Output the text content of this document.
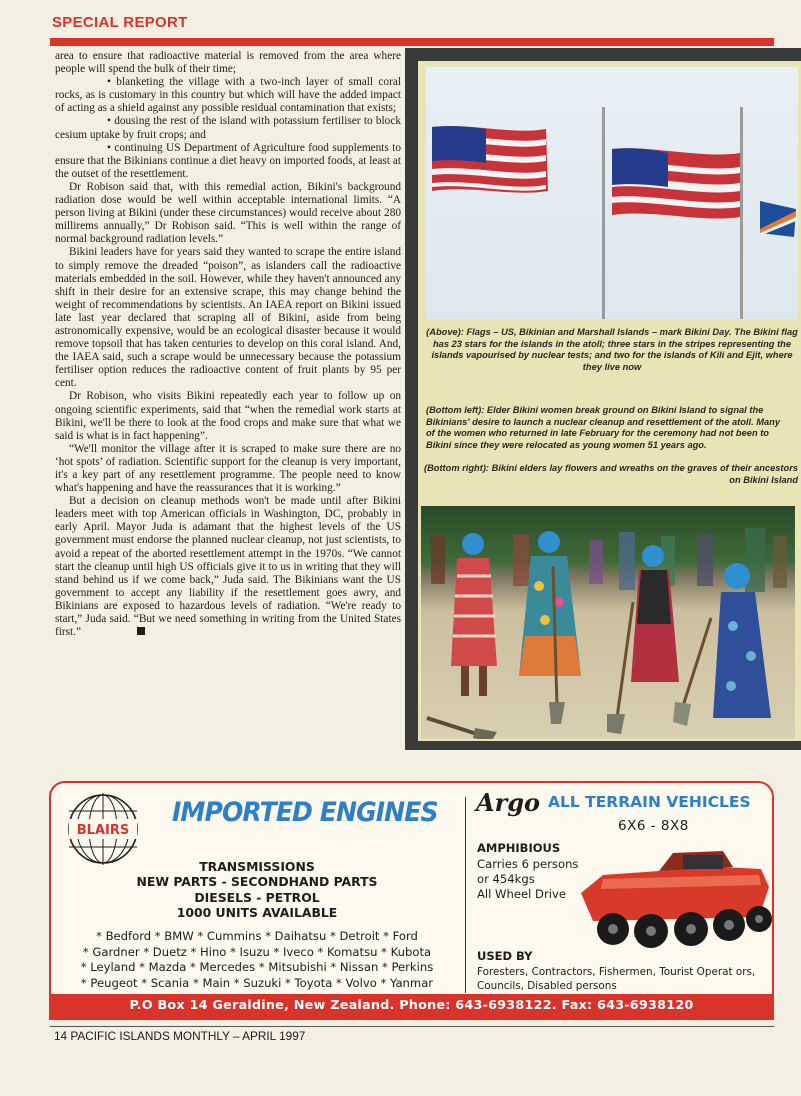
SPECIAL REPORT

area to ensure that radioactive material is removed from the area where people will spend the bulk of their time;

• blanketing the village with a two-inch layer of small coral rocks, as is customary in this country but which will have the added impact of acting as a shield against any possible residual contamination that exists;

• dousing the rest of the island with potassium fertiliser to block cesium uptake by fruit crops; and

• continuing US Department of Agriculture food supplements to ensure that the Bikinians continue a diet heavy on imported foods, at least at the outset of the resettlement.

Dr Robison said that, with this remedial action, Bikini's background radiation dose would be well within acceptable international limits. “A person living at Bikini (under these circumstances) would receive about 280 millirems annually,” Dr Robison said. “This is well within the range of normal background radiation levels.”

Bikini leaders have for years said they wanted to scrape the entire island to simply remove the dreaded “poison”, as islanders call the radioactive materials embedded in the soil. However, while they haven't announced any shift in their desire for an extensive scrape, this may change behind the weight of recommendations by scientists. An IAEA report on Bikini issued late last year declared that scraping all of Bikini, aside from being astronomically expensive, would be an ecological disaster because it would remove topsoil that has taken centuries to develop on this coral island. And, the IAEA said, such a scrape would be unnecessary because the potassium fertiliser option reduces the radioactive content of fruit plants by 95 per cent.

Dr Robison, who visits Bikini repeatedly each year to follow up on ongoing scientific experiments, said that “when the remedial work starts at Bikini, we'll be there to look at the food crops and make sure that what we said is what is in fact happening”.

“We'll monitor the village after it is scraped to make sure there are no ‘hot spots’ of radiation. Scientific support for the cleanup is very important, it's a key part of any resettlement programme. The people need to know what's happening and have the reassurances that it is working.”

But a decision on cleanup methods won't be made until after Bikini leaders meet with top American officials in Washington, DC, probably in early April. Mayor Juda is adamant that the highest levels of the US government must endorse the planned nuclear cleanup, not just scientists, to avoid a repeat of the aborted resettlement attempt in the 1970s. “We cannot start the cleanup until high US officials give it to us in writing that they will stand behind us if we come back,” Juda said. The Bikinians want the US government to accept any liability if the resettlement goes awry, and Bikinians are exposed to hazardous levels of radiation. “We're ready to start,” Juda said. “But we need something in writing from the United States first.”

(Above): Flags – US, Bikinian and Marshall Islands – mark Bikini Day. The Bikini flag has 23 stars for the islands in the atoll; three stars in the stripes representing the islands vapourised by nuclear tests; and two for the islands of Kili and Ejit, where they live now
(Bottom left): Elder Bikini women break ground on Bikini Island to signal the Bikinians' desire to launch a nuclear cleanup and resettlement of the atoll. Many of the women who returned in late February for the ceremony had not been to Bikini since they were relocated as young women 51 years ago.
(Bottom right): Bikini elders lay flowers and wreaths on the graves of their ancestors on Bikini Island
BLAIRS
IMPORTED ENGINES
TRANSMISSIONS
NEW PARTS - SECONDHAND PARTS
DIESELS - PETROL
1000 UNITS AVAILABLE
* Bedford * BMW * Cummins * Daihatsu * Detroit * Ford
* Gardner * Duetz * Hino * Isuzu * Iveco * Komatsu * Kubota
* Leyland * Mazda * Mercedes * Mitsubishi * Nissan * Perkins
* Peugeot * Scania * Main * Suzuki * Toyota * Volvo * Yanmar
Argo ALL TERRAIN VEHICLES
6X6 - 8X8
AMPHIBIOUS
Carries 6 persons
or 454kgs
All Wheel Drive
USED BY
Foresters, Contractors, Fishermen, Tourist Operat ors,
Councils, Disabled persons
P.O Box 14 Geraldine, New Zealand. Phone: 643-6938122. Fax: 643-6938120
14 PACIFIC ISLANDS MONTHLY – APRIL 1997
